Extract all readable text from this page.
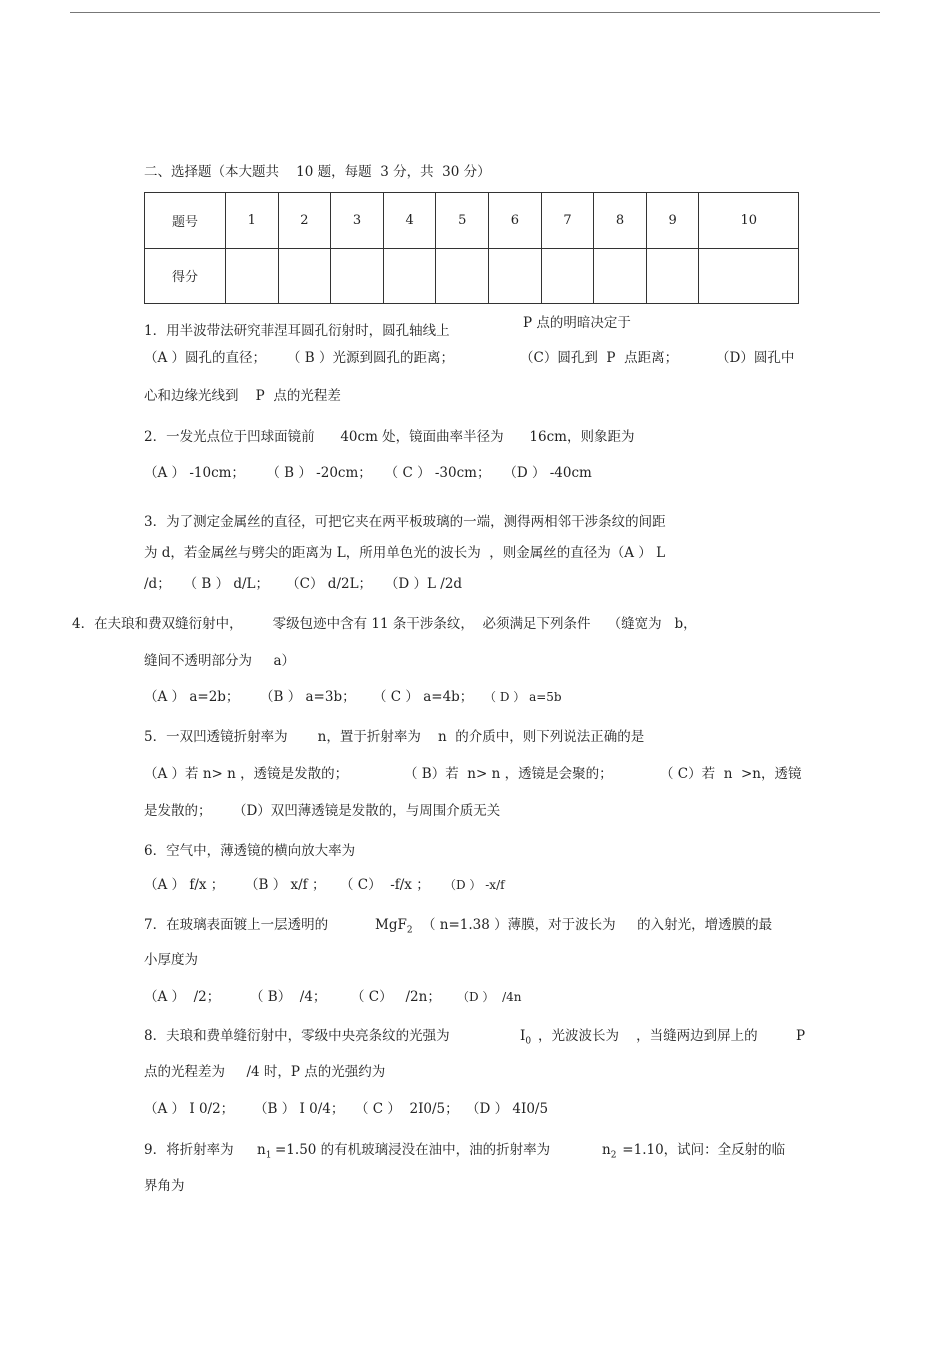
二、选择题（本大题共    10 题，每题  3 分，共  30 分）
题号	1	2	3	4	5	6	7	8	9	10
得分										
1．用半波带法研究菲涅耳圆孔衍射时，圆孔轴线上	P 点的明暗决定于
（A ）圆孔的直径； （ B ）光源到圆孔的距离；	（C）圆孔到  P  点距离；	（D）圆孔中
心和边缘光线到    P  点的光程差
2．一发光点位于凹球面镜前      40cm 处，镜面曲率半径为      16cm，则象距为
（A ） -10cm；     （ B ） -20cm；   （ C ） -30cm；   （D ） -40cm
3．为了测定金属丝的直径，可把它夹在两平板玻璃的一端，测得两相邻干涉条纹的间距
为 d，若金属丝与劈尖的距离为 L，所用单色光的波长为  ，则金属丝的直径为（A ） L
/d；   （ B ） d/L；    （C） d/2L；   （D ）L /2d
4．在夫琅和费双缝衍射中，       零级包迹中含有 11 条干涉条纹，  必须满足下列条件    （缝宽为   b，
缝间不透明部分为     a）
（A ） a=2b； （B ） a=3b； （ C ） a=4b； （ D ） a=5b
5．一双凹透镜折射率为       n，置于折射率为    n  的介质中，则下列说法正确的是
（A ）若 n> n ，透镜是发散的；	（ B）若  n> n ，透镜是会聚的；	（ C）若  n  >n，透镜
是发散的；     （D）双凹薄透镜是发散的，与周围介质无关
6．空气中，薄透镜的横向放大率为
（A ） f/x ； （B ） x/f ； （ C）  -f/x ； （D ） -x/f
7．在玻璃表面镀上一层透明的	MgF$_2$ （ n=1.38 ）薄膜，对于波长为     的入射光，增透膜的最
小厚度为
（A ）  /2； （ B）  /4； （ C）   /2n； （D ）  /4n
8．夫琅和费单缝衍射中，零级中央亮条纹的光强为	$I_0$ ，光波波长为    ，当缝两边到屏上的	P
点的光程差为     /4 时，P 点的光强约为
（A ） I 0/2； （B ） I 0/4； （ C ）  2I0/5； （D ） 4I0/5
9．将折射率为 $n_1 =1.50$ 的有机玻璃浸没在油中，油的折射率为	$n_2 =1.10$，试问：全反射的临
界角为
